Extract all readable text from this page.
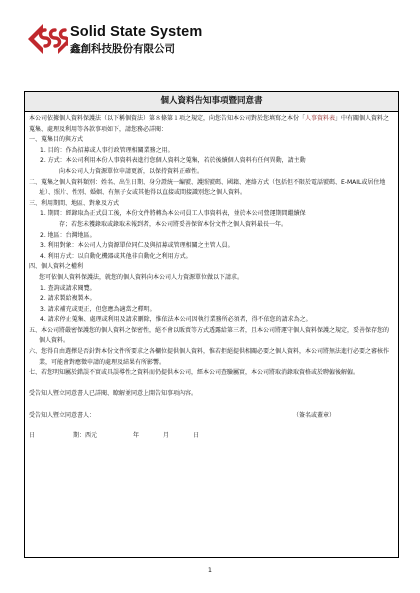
Solid State System
鑫創科技股份有限公司
個人資料告知事項暨同意書

本公司依據個人資料保護法（以下稱個資法）第８條第１項之規定，向您告知本公司對於您填寫之本份「人事資料表」中有關個人資料之蒐集、處理及利用等各款事項如下，請您務必詳閱：

一、蒐集目的與方式

1. 目的：作為招募或人事行政管理相關業務之用。

2. 方式：本公司利用本份人事資料表進行您個人資料之蒐集，若於後續個人資料有任何異動，請主動
向本公司人力資源單位申請更新，以保持資料正確性。

二、蒐集之個人資料類別：姓名、出生日期、身分證統一編號、護照號碼、國籍、連絡方式（包括但不限於電話號碼、E-MAIL或居住地址）、照片、性別、婚姻、有無子女或其他得以直接或間接識別您之個人資料。

三、利用期間、地區、對象及方式

1. 期間：經錄取為正式員工後，本份文件將轉為本公司員工人事資料表，並於本公司營運期間繼續保
存；若您未獲錄取或錄取未報到者，本公司將妥善保留本份文件之個人資料最長一年。

2. 地區：台灣地區。

3. 利用對象：本公司人力資源單位同仁及與招募或管理相關之主管人員。

4. 利用方式：以自動化機器或其他非自動化之利用方式。

四、個人資料之權利

您可依個人資料保護法，就您的個人資料向本公司人力資源單位做以下請求。

1. 查詢或請求閱覽。

2. 請求製給複製本。

3. 請求補充或更正，但您應為適當之釋明。

4. 請求停止蒐集、處理或利用及請求刪除，惟依法本公司因執行業務所必須者，得不依您的請求為之。

五、本公司將嚴密保護您的個人資料之保密性，絕不會以販賣等方式透露給第三者，且本公司將運守個人資料保護之規定，妥善保存您的個人資料。

六、您得自由選擇是否針對本份文件所要求之各欄位提供個人資料，惟若拒絕提供相關必要之個人資料，本公司將無法進行必要之審核作業，可能會對應徵申請的處理及結果有所影響。

七、若您明知屬於錯誤不實或具誤導性之資料而仍提供本公司，經本公司查驗屬實，本公司將取消錄取資格或於聘僱後解僱。

受告知人暨立同意書人已詳閱、瞭解並同意上開告知事項內容。

受告知人暨立同意書人：	（簽名或蓋章）
日	期：西元	年	月	日
1
